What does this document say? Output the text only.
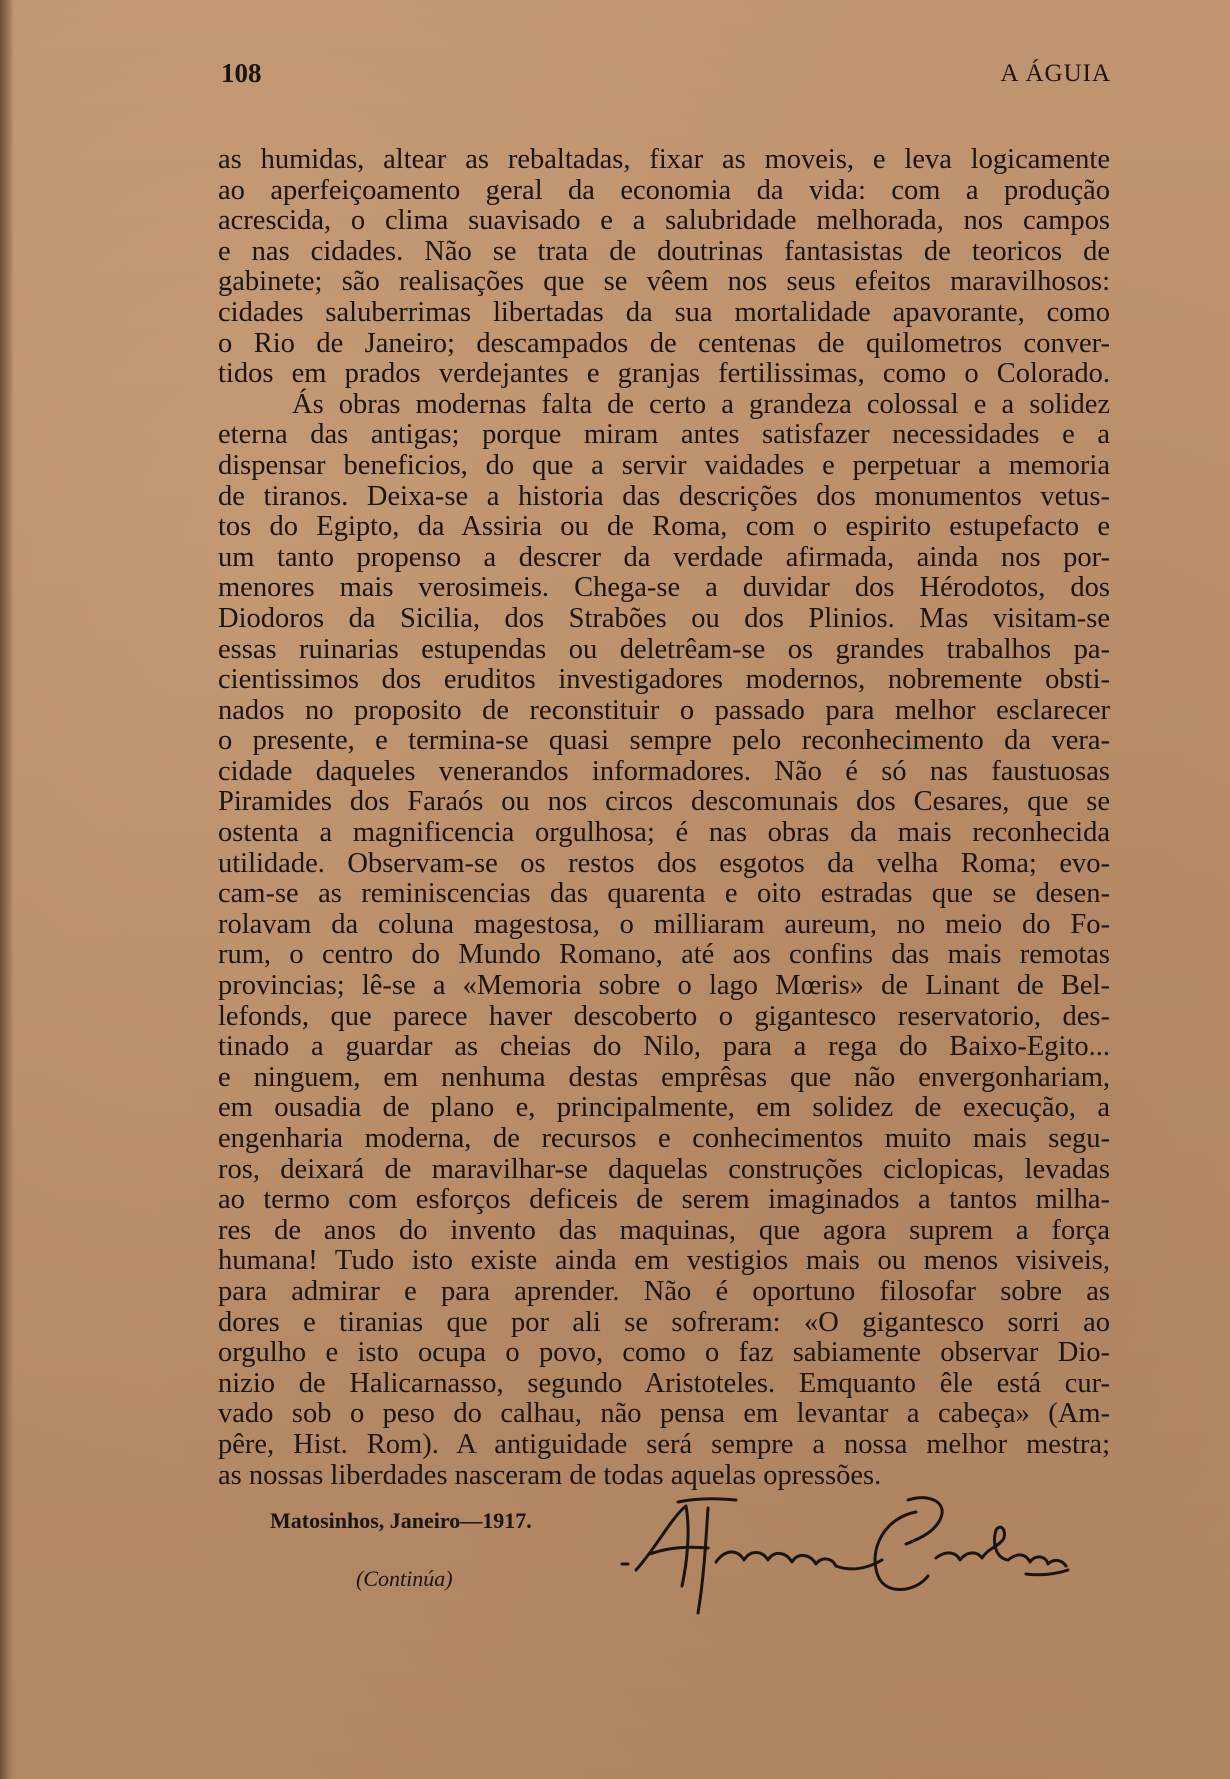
108	A ÁGUIA
as humidas, altear as rebaltadas, fixar as moveis, e leva logicamente
ao aperfeiçoamento geral da economia da vida: com a produção
acrescida, o clima suavisado e a salubridade melhorada, nos campos
e nas cidades. Não se trata de doutrinas fantasistas de teoricos de
gabinete; são realisações que se vêem nos seus efeitos maravilhosos:
cidades saluberrimas libertadas da sua mortalidade apavorante, como
o Rio de Janeiro; descampados de centenas de quilometros conver-
tidos em prados verdejantes e granjas fertilissimas, como o Colorado.
Ás obras modernas falta de certo a grandeza colossal e a solidez
eterna das antigas; porque miram antes satisfazer necessidades e a
dispensar beneficios, do que a servir vaidades e perpetuar a memoria
de tiranos. Deixa-se a historia das descrições dos monumentos vetus-
tos do Egipto, da Assiria ou de Roma, com o espirito estupefacto e
um tanto propenso a descrer da verdade afirmada, ainda nos por-
menores mais verosimeis. Chega-se a duvidar dos Hérodotos, dos
Diodoros da Sicilia, dos Strabões ou dos Plinios. Mas visitam-se
essas ruinarias estupendas ou deletrêam-se os grandes trabalhos pa-
cientissimos dos eruditos investigadores modernos, nobremente obsti-
nados no proposito de reconstituir o passado para melhor esclarecer
o presente, e termina-se quasi sempre pelo reconhecimento da vera-
cidade daqueles venerandos informadores. Não é só nas faustuosas
Piramides dos Faraós ou nos circos descomunais dos Cesares, que se
ostenta a magnificencia orgulhosa; é nas obras da mais reconhecida
utilidade. Observam-se os restos dos esgotos da velha Roma; evo-
cam-se as reminiscencias das quarenta e oito estradas que se desen-
rolavam da coluna magestosa, o milliaram aureum, no meio do Fo-
rum, o centro do Mundo Romano, até aos confins das mais remotas
provincias; lê-se a «Memoria sobre o lago Mœris» de Linant de Bel-
lefonds, que parece haver descoberto o gigantesco reservatorio, des-
tinado a guardar as cheias do Nilo, para a rega do Baixo-Egito...
e ninguem, em nenhuma destas emprêsas que não envergonhariam,
em ousadia de plano e, principalmente, em solidez de execução, a
engenharia moderna, de recursos e conhecimentos muito mais segu-
ros, deixará de maravilhar-se daquelas construções ciclopicas, levadas
ao termo com esforços deficeis de serem imaginados a tantos milha-
res de anos do invento das maquinas, que agora suprem a força
humana! Tudo isto existe ainda em vestigios mais ou menos visiveis,
para admirar e para aprender. Não é oportuno filosofar sobre as
dores e tiranias que por ali se sofreram: «O gigantesco sorri ao
orgulho e isto ocupa o povo, como o faz sabiamente observar Dio-
nizio de Halicarnasso, segundo Aristoteles. Emquanto êle está cur-
vado sob o peso do calhau, não pensa em levantar a cabeça» (Am-
pêre, Hist. Rom). A antiguidade será sempre a nossa melhor mestra;
as nossas liberdades nasceram de todas aquelas opressões.
Matosinhos, Janeiro—1917.
(Continúa)
